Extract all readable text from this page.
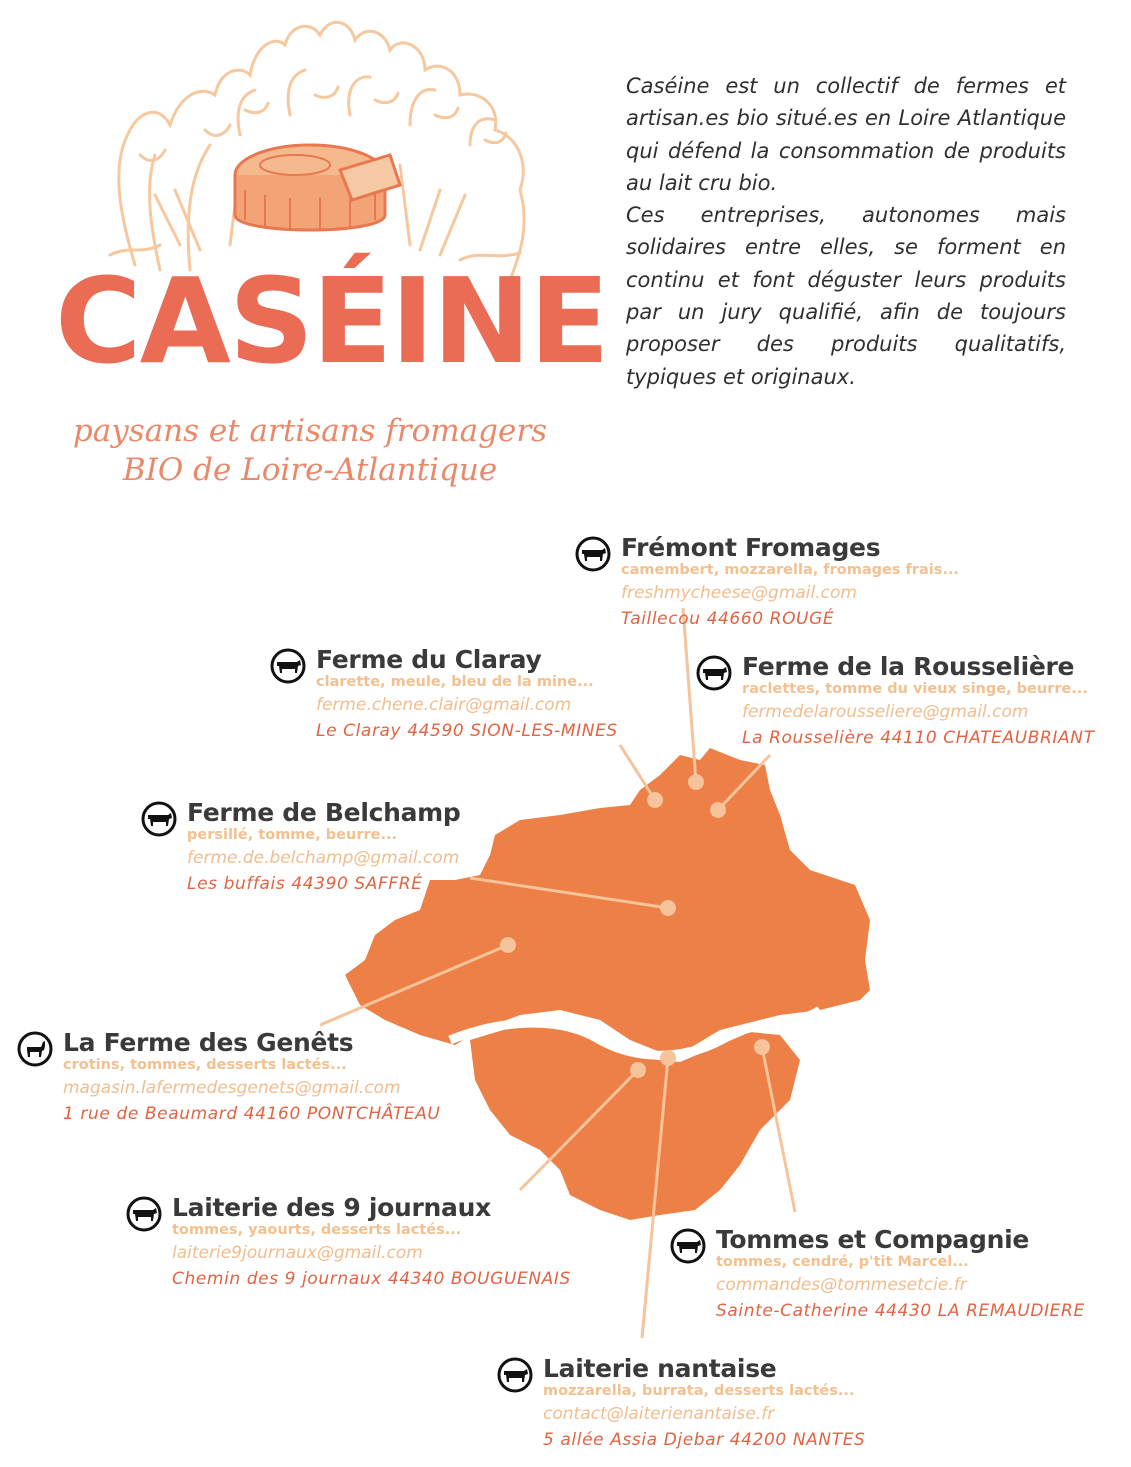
CASÉINE
paysans et artisans fromagers
BIO de Loire-Atlantique

Caséine est un collectif de fermes et artisan.es bio situé.es en Loire Atlantique qui défend la consommation de produits au lait cru bio.

Ces entreprises, autonomes mais solidaires entre elles, se forment en continu et font déguster leurs produits par un jury qualifié, afin de toujours proposer des produits qualitatifs, typiques et originaux.

Frémont Fromages
camembert, mozzarella, fromages frais...
freshmycheese@gmail.com
Taillecou 44660 ROUGÉ
Ferme du Claray
clarette, meule, bleu de la mine...
ferme.chene.clair@gmail.com
Le Claray 44590 SION-LES-MINES
Ferme de la Rousselière
raclettes, tomme du vieux singe, beurre...
fermedelarousseliere@gmail.com
La Rousselière 44110 CHATEAUBRIANT
Ferme de Belchamp
persillé, tomme, beurre...
ferme.de.belchamp@gmail.com
Les buffais 44390 SAFFRÉ
La Ferme des Genêts
crotins, tommes, desserts lactés...
magasin.lafermedesgenets@gmail.com
1 rue de Beaumard 44160 PONTCHÂTEAU
Laiterie des 9 journaux
tommes, yaourts, desserts lactés...
laiterie9journaux@gmail.com
Chemin des 9 journaux 44340 BOUGUENAIS
Tommes et Compagnie
tommes, cendré, p'tit Marcel...
commandes@tommesetcie.fr
Sainte-Catherine 44430 LA REMAUDIERE
Laiterie nantaise
mozzarella, burrata, desserts lactés...
contact@laiterienantaise.fr
5 allée Assia Djebar 44200 NANTES
